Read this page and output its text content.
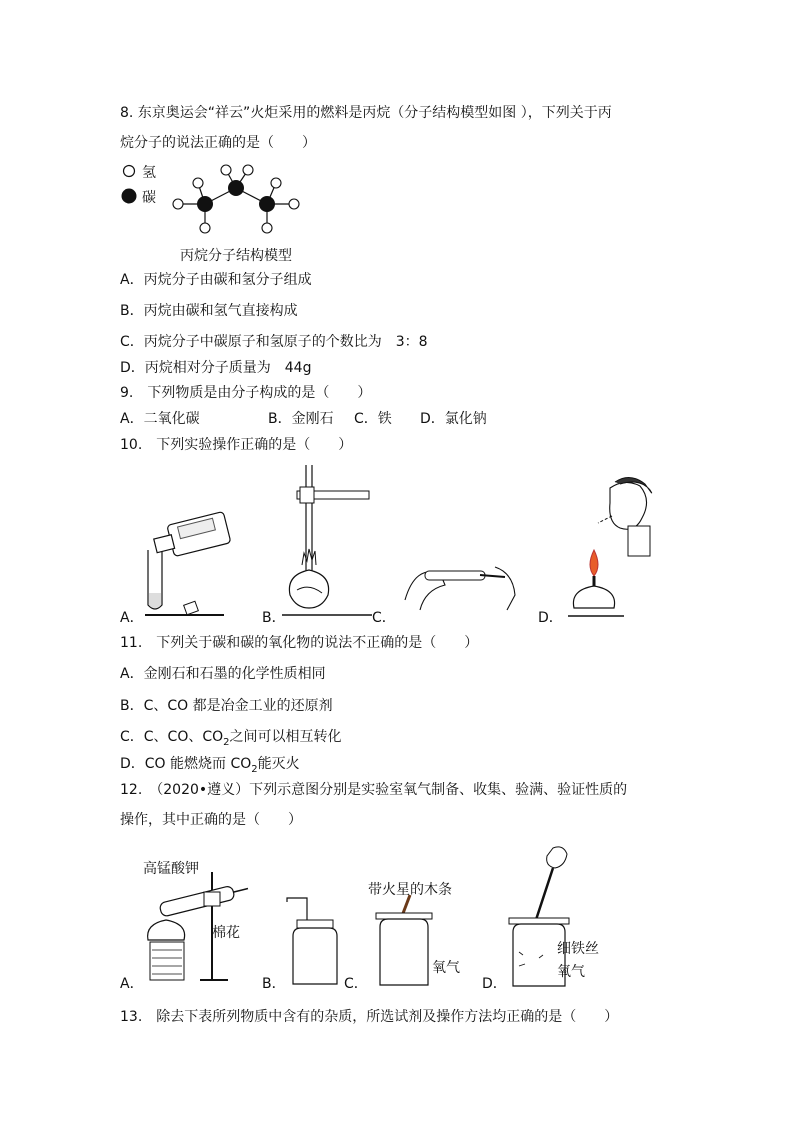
8. 东京奥运会“祥云”火炬采用的燃料是丙烷（分子结构模型如图 ），下列关于丙
烷分子的说法正确的是（　　）
氢
碳
丙烷分子结构模型
A．丙烷分子由碳和氢分子组成
B．丙烷由碳和氢气直接构成
C．丙烷分子中碳原子和氢原子的个数比为　3：8
D．丙烷相对分子质量为　44g
9.　下列物质是由分子构成的是（　　）
A．二氧化碳	B．金刚石 C．铁 D．氯化钠
10.　下列实验操作正确的是（　　）
A．	B．	C．	D．
11.　下列关于碳和碳的氧化物的说法不正确的是（　　）
A．金刚石和石墨的化学性质相同
B．C、CO 都是冶金工业的还原剂
C．C、CO、$CO_2$之间可以相互转化
D．CO 能燃烧而 $CO_2$能灭火
12.　（2020•遵义）下列示意图分别是实验室氧气制备、收集、验满、验证性质的
操作，其中正确的是（　　）
高锰酸钾
棉花
A．	B．
带火星的木条
氧气
C．
细铁丝
氧气
D．
13.　除去下表所列物质中含有的杂质，所选试剂及操作方法均正确的是（　　）
